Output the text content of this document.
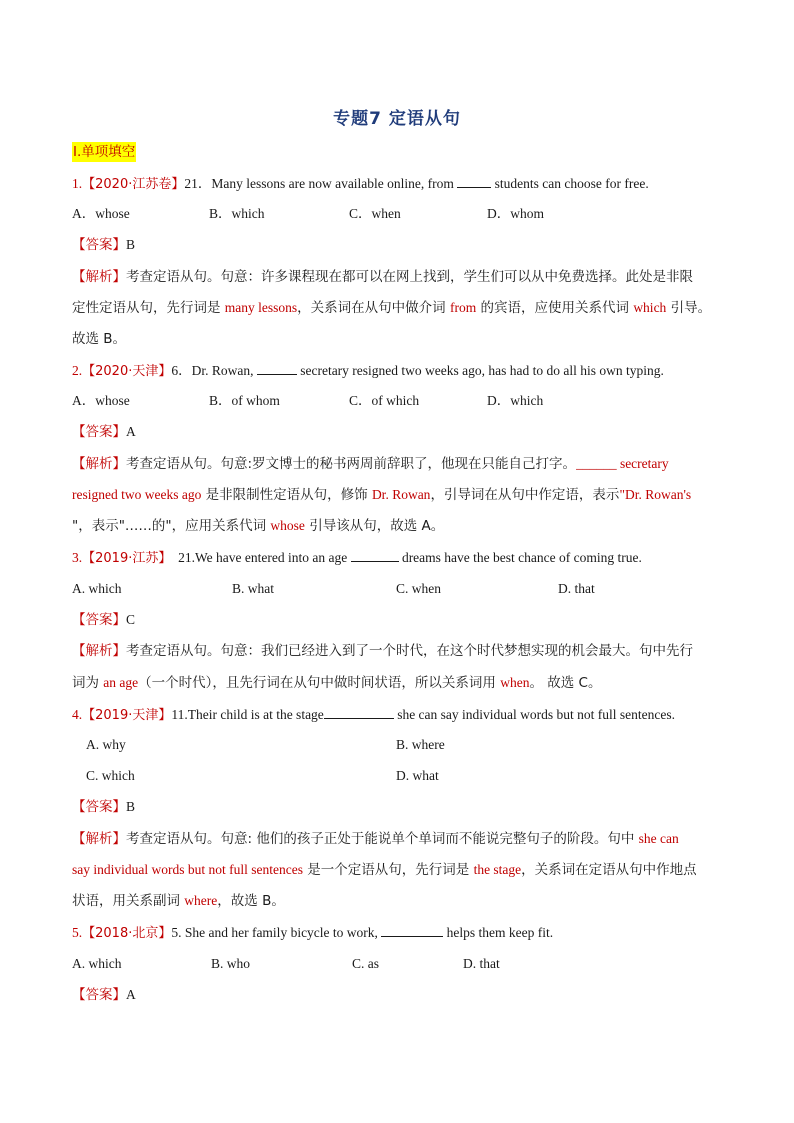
专题7 定语从句
I.单项填空
1.【2020·江苏卷】21．Many lessons are now available online, from	students can choose for free.
A．whose	B．which	C．when	D．whom
【答案】B
【解析】考查定语从句。句意：许多课程现在都可以在网上找到，学生们可以从中免费选择。此处是非限
定性定语从句，先行词是 many lessons，关系词在从句中做介词 from 的宾语，应使用关系代词 which 引导。
故选 B。
2.【2020·天津】6．Dr. Rowan,	secretary resigned two weeks ago, has had to do all his own typing.
A．whose	B．of whom	C．of which	D．which
【答案】A
【解析】考查定语从句。句意:罗文博士的秘书两周前辞职了，他现在只能自己打字。______ secretary
resigned two weeks ago 是非限制性定语从句，修饰 Dr. Rowan，引导词在从句中作定语，表示"Dr. Rowan's
"，表示"……的"，应用关系代词 whose 引导该从句，故选 A。
3.【2019·江苏】 21.We have entered into an age	dreams have the best chance of coming true.
A. which	B. what	C. when	D. that
【答案】C
【解析】考查定语从句。句意：我们已经进入到了一个时代，在这个时代梦想实现的机会最大。句中先行
词为 an age（一个时代），且先行词在从句中做时间状语，所以关系词用 when。 故选 C。
4.【2019·天津】11.Their child is at the stage	she can say individual words but not full sentences.
A. why	B. where
C. which	D. what
【答案】B
【解析】考查定语从句。句意: 他们的孩子正处于能说单个单词而不能说完整句子的阶段。句中 she can
say individual words but not full sentences 是一个定语从句，先行词是 the stage，关系词在定语从句中作地点
状语，用关系副词 where，故选 B。
5.【2018·北京】5. She and her family bicycle to work,	helps them keep fit.
A. which	B. who	C. as	D. that
【答案】A
